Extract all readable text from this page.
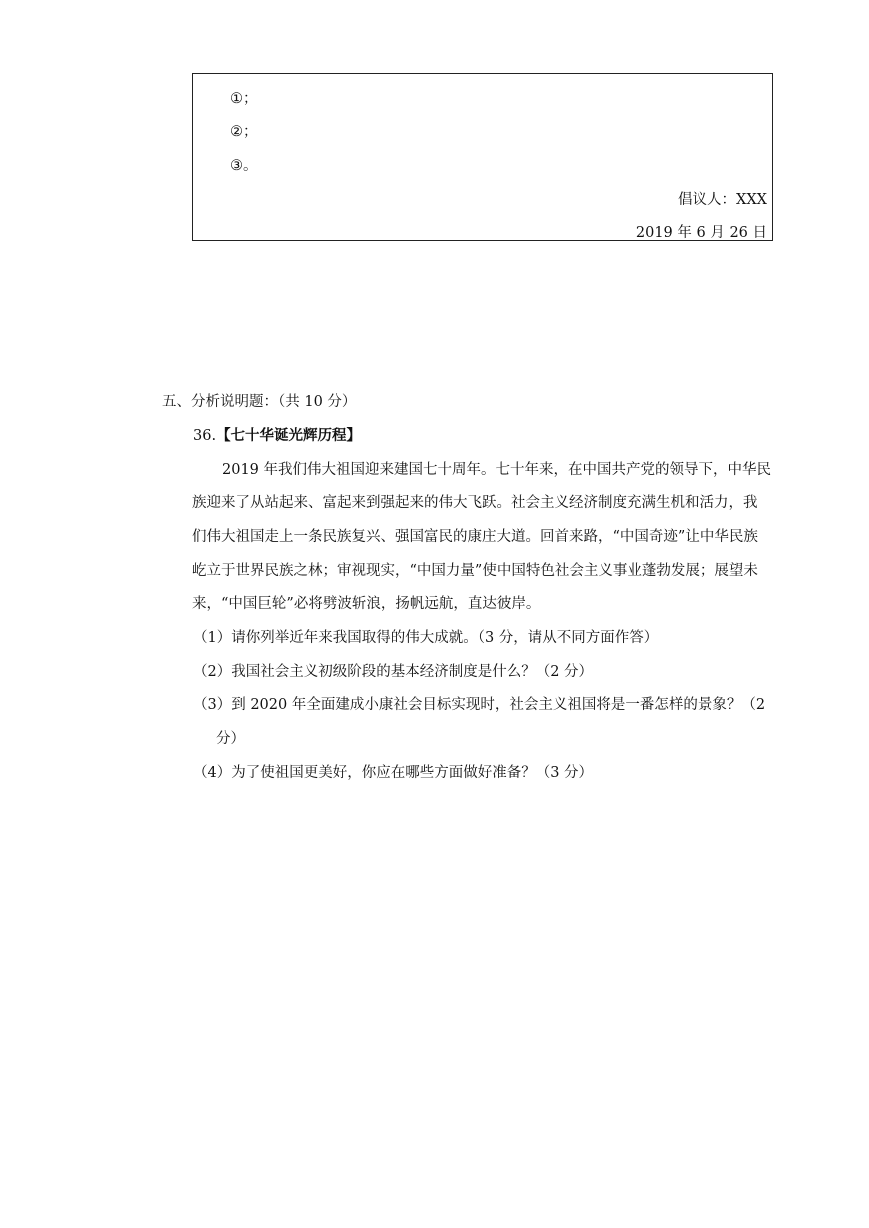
①；
②；
③。
倡议人：XXX
2019 年 6 月 26 日
五、分析说明题：（共 10 分）
36.【七十华诞光辉历程】
2019 年我们伟大祖国迎来建国七十周年。七十年来，在中国共产党的领导下，中华民
族迎来了从站起来、富起来到强起来的伟大飞跃。社会主义经济制度充满生机和活力，我
们伟大祖国走上一条民族复兴、强国富民的康庄大道。回首来路，“中国奇迹”让中华民族
屹立于世界民族之林；审视现实，“中国力量”使中国特色社会主义事业蓬勃发展；展望未
来，“中国巨轮”必将劈波斩浪，扬帆远航，直达彼岸。
（1）请你列举近年来我国取得的伟大成就。（3 分，请从不同方面作答）
（2）我国社会主义初级阶段的基本经济制度是什么？（2 分）
（3）到 2020 年全面建成小康社会目标实现时，社会主义祖国将是一番怎样的景象？（2
分）
（4）为了使祖国更美好，你应在哪些方面做好准备？（3 分）
